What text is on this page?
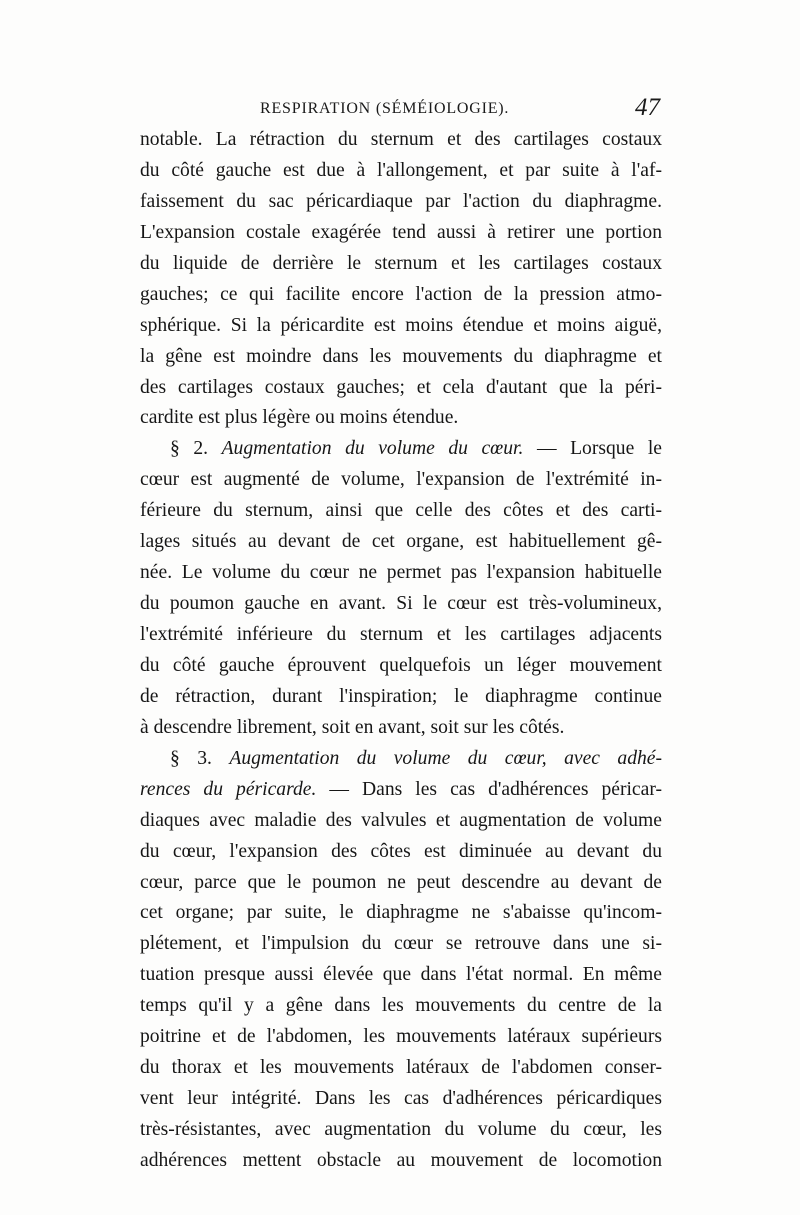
RESPIRATION (SÉMÉIOLOGIE).	47

notable. La rétraction du sternum et des cartilages costaux
du côté gauche est due à l'allongement, et par suite à l'af-
faissement du sac péricardiaque par l'action du diaphragme.
L'expansion costale exagérée tend aussi à retirer une portion
du liquide de derrière le sternum et les cartilages costaux
gauches; ce qui facilite encore l'action de la pression atmo-
sphérique. Si la péricardite est moins étendue et moins aiguë,
la gêne est moindre dans les mouvements du diaphragme et
des cartilages costaux gauches; et cela d'autant que la péri-
cardite est plus légère ou moins étendue.

§ 2. Augmentation du volume du cœur. — Lorsque le
cœur est augmenté de volume, l'expansion de l'extrémité in-
férieure du sternum, ainsi que celle des côtes et des carti-
lages situés au devant de cet organe, est habituellement gê-
née. Le volume du cœur ne permet pas l'expansion habituelle
du poumon gauche en avant. Si le cœur est très-volumineux,
l'extrémité inférieure du sternum et les cartilages adjacents
du côté gauche éprouvent quelquefois un léger mouvement
de rétraction, durant l'inspiration; le diaphragme continue
à descendre librement, soit en avant, soit sur les côtés.

§ 3. Augmentation du volume du cœur, avec adhé-
rences du péricarde. — Dans les cas d'adhérences péricar-
diaques avec maladie des valvules et augmentation de volume
du cœur, l'expansion des côtes est diminuée au devant du
cœur, parce que le poumon ne peut descendre au devant de
cet organe; par suite, le diaphragme ne s'abaisse qu'incom-
plétement, et l'impulsion du cœur se retrouve dans une si-
tuation presque aussi élevée que dans l'état normal. En même
temps qu'il y a gêne dans les mouvements du centre de la
poitrine et de l'abdomen, les mouvements latéraux supérieurs
du thorax et les mouvements latéraux de l'abdomen conser-
vent leur intégrité. Dans les cas d'adhérences péricardiques
très-résistantes, avec augmentation du volume du cœur, les
adhérences mettent obstacle au mouvement de locomotion
